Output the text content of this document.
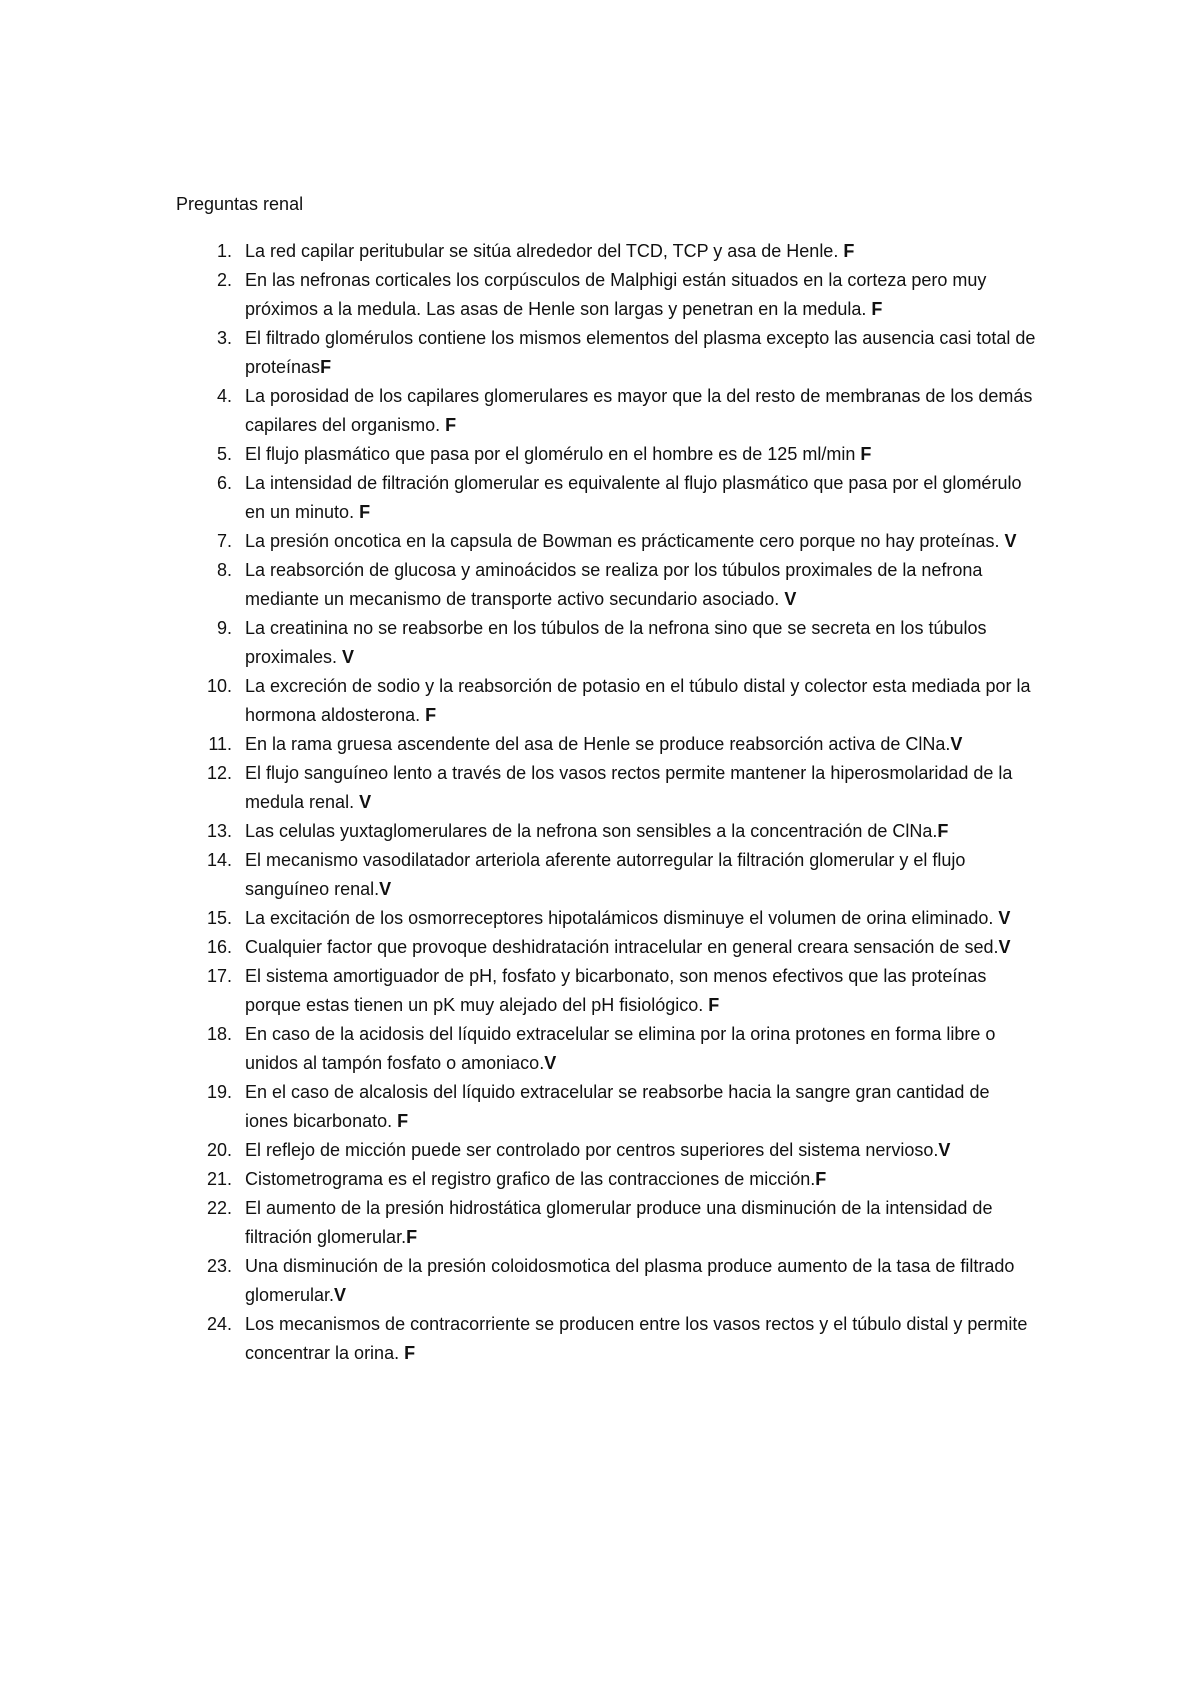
Preguntas renal
1. La red capilar peritubular se sitúa alrededor del TCD, TCP y asa de Henle. F
2. En las nefronas corticales los corpúsculos de Malphigi están situados en la corteza pero muy próximos a la medula. Las asas de Henle son largas y penetran en la medula. F
3. El filtrado glomérulos contiene los mismos elementos del plasma excepto las ausencia casi total de proteínasF
4. La porosidad de los capilares glomerulares es mayor que la del resto de membranas de los demás capilares del organismo. F
5. El flujo plasmático que pasa por el glomérulo en el hombre es de 125 ml/min F
6. La intensidad de filtración glomerular es equivalente al flujo plasmático que pasa por el glomérulo en un minuto. F
7. La presión oncotica en la capsula de Bowman es prácticamente cero porque no hay proteínas. V
8. La reabsorción de glucosa y aminoácidos se realiza por los túbulos proximales de la nefrona mediante un mecanismo de transporte activo secundario asociado. V
9. La creatinina no se reabsorbe en los túbulos de la nefrona sino que se secreta en los túbulos proximales. V
10. La excreción de sodio y la reabsorción de potasio en el túbulo distal y colector esta mediada por la hormona aldosterona. F
11. En la rama gruesa ascendente del asa de Henle se produce reabsorción activa de ClNa.V
12. El flujo sanguíneo lento a través de los vasos rectos permite mantener la hiperosmolaridad de la medula renal. V
13. Las celulas yuxtaglomerulares de la nefrona son sensibles a la concentración de ClNa.F
14. El mecanismo vasodilatador arteriola aferente autorregular la filtración glomerular y el flujo sanguíneo renal.V
15. La excitación de los osmorreceptores hipotalámicos disminuye el volumen de orina eliminado. V
16. Cualquier factor que provoque deshidratación intracelular en general creara sensación de sed.V
17. El sistema amortiguador de pH, fosfato y bicarbonato, son menos efectivos que las proteínas porque estas tienen un pK muy alejado del pH fisiológico. F
18. En caso de la acidosis del líquido extracelular se elimina por la orina protones en forma libre o unidos al tampón fosfato o amoniaco.V
19. En el caso de alcalosis del líquido extracelular se reabsorbe hacia la sangre gran cantidad de iones bicarbonato. F
20. El reflejo de micción puede ser controlado por centros superiores del sistema nervioso.V
21. Cistometrograma es el registro grafico de las contracciones de micción.F
22. El aumento de la presión hidrostática glomerular produce una disminución de la intensidad de filtración glomerular.F
23. Una disminución de la presión coloidosmotica del plasma produce aumento de la tasa de filtrado glomerular.V
24. Los mecanismos de contracorriente se producen entre los vasos rectos y el túbulo distal y permite concentrar la orina. F
